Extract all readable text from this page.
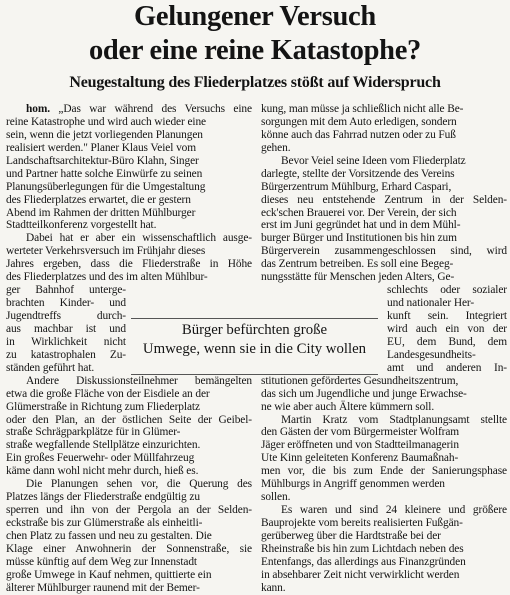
Gelungener Versuch
oder eine reine Katastophe?
Neugestaltung des Fliederplatzes stößt auf Widerspruch
hom. „Das war während des Versuchs eine
reine Katastrophe und wird auch wieder eine
sein, wenn die jetzt vorliegenden Planungen
realisiert werden." Planer Klaus Veiel vom
Landschaftsarchitektur-Büro Klahn, Singer
und Partner hatte solche Einwürfe zu seinen
Planungsüberlegungen für die Umgestaltung
des Fliederplatzes erwartet, die er gestern
Abend im Rahmen der dritten Mühlburger
Stadtteilkonferenz vorgestellt hat.
Dabei hat er aber ein wissenschaftlich ausge-
werteter Verkehrsversuch im Frühjahr dieses
Jahres ergeben, dass die Fliederstraße in Höhe
des Fliederplatzes und des im alten Mühlbur-
ger Bahnhof unterge-
brachten Kinder- und
Jugendtreffs durch-
aus machbar ist und
in Wirklichkeit nicht
zu katastrophalen Zu-
ständen geführt hat.
Andere Diskussionsteilnehmer bemängelten
etwa die große Fläche von der Eisdiele an der
Glümerstraße in Richtung zum Fliederplatz
oder den Plan, an der östlichen Seite der Geibel-
straße Schrägparkplätze für in Glümer-
straße wegfallende Stellplätze einzurichten.
Ein großes Feuerwehr- oder Müllfahrzeug
käme dann wohl nicht mehr durch, hieß es.
Die Planungen sehen vor, die Querung des
Platzes längs der Fliederstraße endgültig zu
sperren und ihn von der Pergola an der Selden-
eckstraße bis zur Glümerstraße als einheitli-
chen Platz zu fassen und neu zu gestalten. Die
Klage einer Anwohnerin der Sonnenstraße, sie
müsse künftig auf dem Weg zur Innenstadt
große Umwege in Kauf nehmen, quittierte ein
älterer Mühlburger raunend mit der Bemer-
kung, man müsse ja schließlich nicht alle Be-
sorgungen mit dem Auto erledigen, sondern
könne auch das Fahrrad nutzen oder zu Fuß
gehen.
Bevor Veiel seine Ideen vom Fliederplatz
darlegte, stellte der Vorsitzende des Vereins
Bürgerzentrum Mühlburg, Erhard Caspari,
dieses neu entstehende Zentrum in der Selden-
eck'schen Brauerei vor. Der Verein, der sich
erst im Juni gegründet hat und in dem Mühl-
burger Bürger und Institutionen bis hin zum
Bürgerverein zusammengeschlossen sind, wird
das Zentrum betreiben. Es soll eine Begeg-
nungsstätte für Menschen jeden Alters, Ge-
schlechts oder sozialer
und nationaler Her-
kunft sein. Integriert
wird auch ein von der
EU, dem Bund, dem
Landesgesundheits-
amt und anderen In-
stitutionen gefördertes Gesundheitszentrum,
das sich um Jugendliche und junge Erwachse-
ne wie aber auch Ältere kümmern soll.
Martin Kratz vom Stadtplanungsamt stellte
den Gästen der vom Bürgermeister Wolfram
Jäger eröffneten und von Stadtteilmanagerin
Ute Kinn geleiteten Konferenz Baumaßnah-
men vor, die bis zum Ende der Sanierungsphase
Mühlburgs in Angriff genommen werden
sollen.
Es waren und sind 24 kleinere und größere
Bauprojekte vom bereits realisierten Fußgän-
gerüberweg über die Hardtstraße bei der
Rheinstraße bis hin zum Lichtdach neben des
Entenfangs, das allerdings aus Finanzgründen
in absehbarer Zeit nicht verwirklicht werden
kann.
Bürger befürchten große
Umwege, wenn sie in die City wollen
